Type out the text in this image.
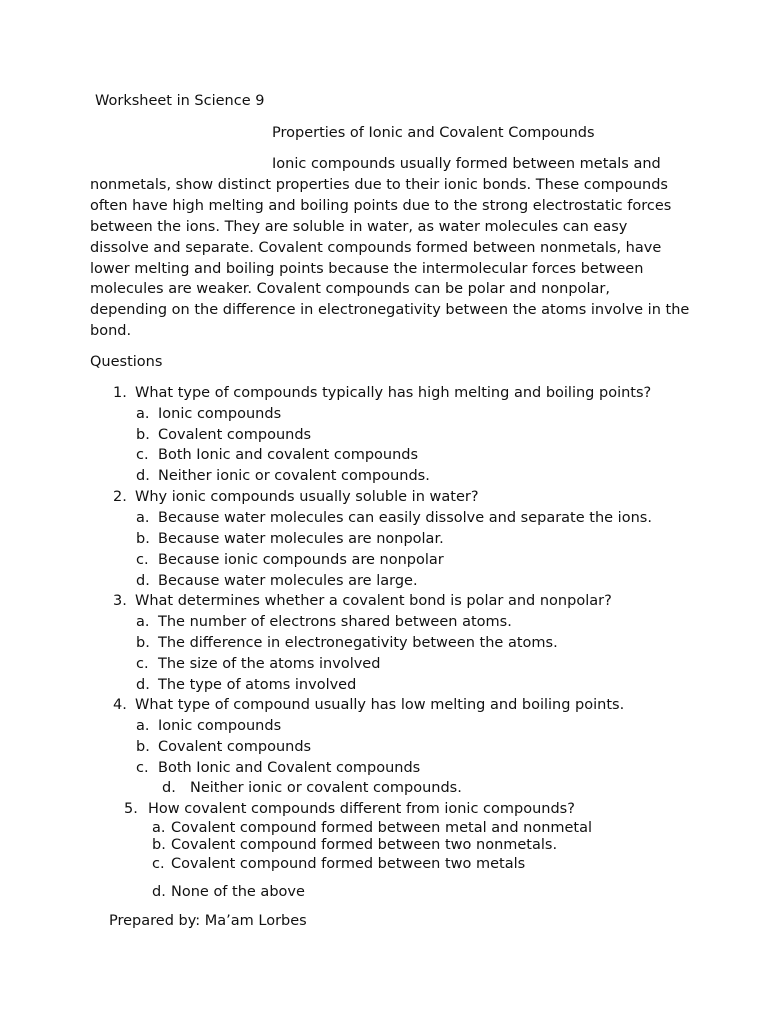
Worksheet in Science 9
Properties of Ionic and Covalent Compounds
Ionic compounds usually formed between metals and nonmetals, show distinct properties due to their ionic bonds. These compounds often have high melting and boiling points due to the strong electrostatic forces between the ions. They are soluble in water, as water molecules can easy dissolve and separate. Covalent compounds formed between nonmetals, have lower melting and boiling points because the intermolecular forces between molecules are weaker. Covalent compounds can be polar and nonpolar, depending on the difference in electronegativity between the atoms involve in the bond.
Questions
1. What type of compounds typically has high melting and boiling points?
a. Ionic compounds
b. Covalent compounds
c. Both Ionic and covalent compounds
d. Neither ionic or covalent compounds.
2. Why ionic compounds usually soluble in water?
a. Because water molecules can easily dissolve and separate the ions.
b. Because water molecules are nonpolar.
c. Because ionic compounds are nonpolar
d. Because water molecules are large.
3. What determines whether a covalent bond is polar and nonpolar?
a. The number of electrons shared between atoms.
b. The difference in electronegativity between the atoms.
c. The size of the atoms involved
d. The type of atoms involved
4. What type of compound usually has low melting and boiling points.
a. Ionic compounds
b. Covalent compounds
c. Both Ionic and Covalent compounds
d. Neither ionic or covalent compounds.
5. How covalent compounds different from ionic compounds?
a. Covalent compound formed between metal and nonmetal
b. Covalent compound formed between two nonmetals.
c. Covalent compound formed between two metals
d. None of the above
Prepared by: Ma’am Lorbes
